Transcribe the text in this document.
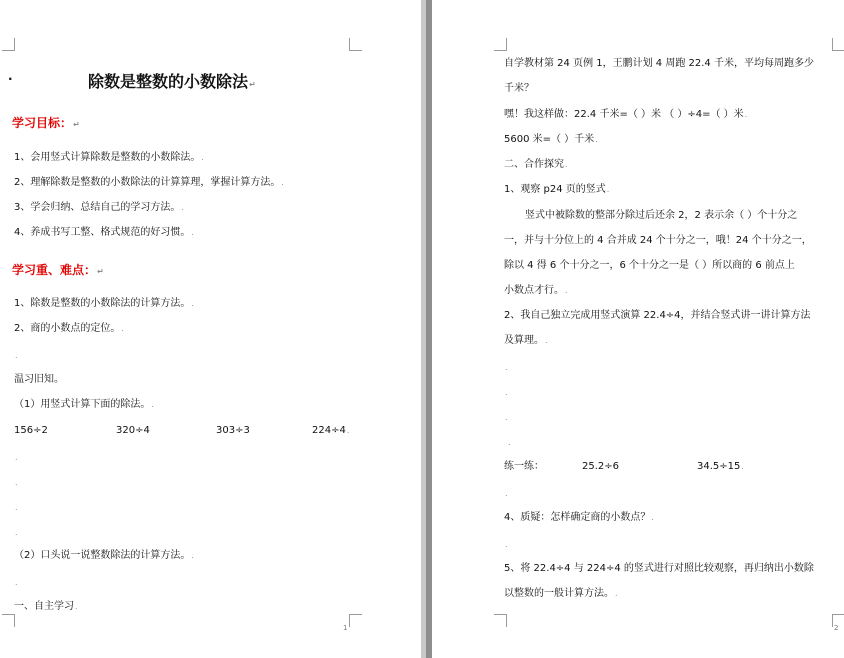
·	除数是整数的小数除法↵
学习目标：↵
1、会用竖式计算除数是整数的小数除法。.
2、理解除数是整数的小数除法的计算算理，掌握计算方法。.
3、学会归纳、总结自己的学习方法。.
4、养成书写工整、格式规范的好习惯。.
学习重、难点：↵
1、除数是整数的小数除法的计算方法。.
2、商的小数点的定位。.
.
温习旧知。
（1）用竖式计算下面的除法。.
156÷2	320÷4	303÷3	224÷4.
.
.
.
.
（2）口头说一说整数除法的计算方法。.
.
一、自主学习.
1
自学教材第 24 页例 1，王鹏计划 4 周跑 22.4 千米，平均每周跑多少
千米？
嘿！我这样做：22.4 千米=（ ）米 （ ）÷4=（ ）米.
5600 米=（ ）千米.
二、合作探究.
1、观察 p24 页的竖式.
竖式中被除数的整部分除过后还余 2，2 表示余（ ）个十分之
一，并与十分位上的 4 合并成 24 个十分之一，哦！24 个十分之一，
除以 4 得 6 个十分之一，6 个十分之一是（ ）所以商的 6 前点上
小数点才行。.
2、我自己独立完成用竖式演算 22.4÷4，并结合竖式讲一讲计算方法
及算理。.
.
.
.
.
练一练：	25.2÷6	34.5÷15.
.
4、质疑：怎样确定商的小数点？.
.
5、将 22.4÷4 与 224÷4 的竖式进行对照比较观察，再归纳出小数除
以整数的一般计算方法。.
2
